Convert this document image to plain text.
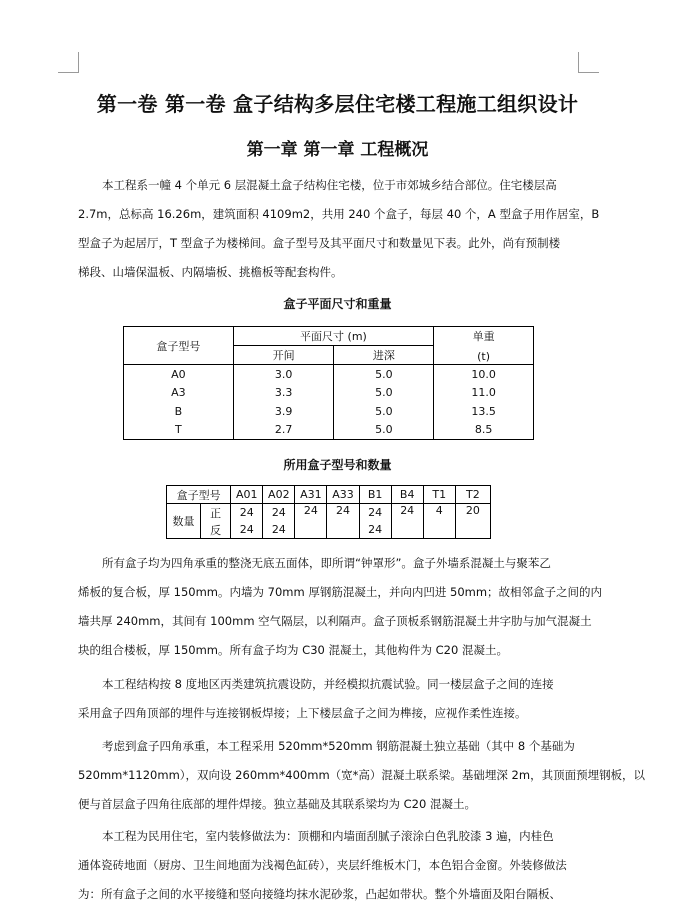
第一卷 第一卷 盒子结构多层住宅楼工程施工组织设计
第一章 第一章 工程概况

本工程系一幢 4 个单元 6 层混凝土盒子结构住宅楼，位于市郊城乡结合部位。住宅楼层高
2.7m，总标高 16.26m，建筑面积 4109m2，共用 240 个盒子，每层 40 个，A 型盒子用作居室，B
型盒子为起居厅，T 型盒子为楼梯间。盒子型号及其平面尺寸和数量见下表。此外，尚有预制楼
梯段、山墙保温板、内隔墙板、挑檐板等配套构件。

盒子平面尺寸和重量
盒子型号	平面尺寸 (m)		单重
(t)

	开间	进深	
A0	3.0	5.0	10.0
A3	3.3	5.0	11.0
B	3.9	5.0	13.5
T	2.7	5.0	8.5
所用盒子型号和数量
盒子型号		A01	A02	A31	A33	B1	B4	T1	T2
数量	正	24	24	24	24	24	24	4	20
	反	24	24			24			

所有盒子均为四角承重的整浇无底五面体，即所谓“钟罩形”。盒子外墙系混凝土与聚苯乙
烯板的复合板，厚 150mm。内墙为 70mm 厚钢筋混凝土，并向内凹进 50mm；故相邻盒子之间的内
墙共厚 240mm，其间有 100mm 空气隔层，以利隔声。盒子顶板系钢筋混凝土井字肋与加气混凝土
块的组合楼板，厚 150mm。所有盒子均为 C30 混凝土，其他构件为 C20 混凝土。

本工程结构按 8 度地区丙类建筑抗震设防，并经模拟抗震试验。同一楼层盒子之间的连接
采用盒子四角顶部的埋件与连接钢板焊接；上下楼层盒子之间为榫接，应视作柔性连接。

考虑到盒子四角承重，本工程采用 520mm*520mm 钢筋混凝土独立基础（其中 8 个基础为
520mm*1120mm），双向设 260mm*400mm（宽*高）混凝土联系梁。基础埋深 2m，其顶面预埋钢板，以
便与首层盒子四角往底部的埋件焊接。独立基础及其联系梁均为 C20 混凝土。

本工程为民用住宅，室内装修做法为：顶棚和内墙面刮腻子滚涂白色乳胶漆 3 遍，内桂色
通体瓷砖地面（厨房、卫生间地面为浅褐色缸砖），夹层纤维板木门，本色铝合金窗。外装修做法
为：所有盒子之间的水平接缝和竖向接缝均抹水泥砂浆，凸起如带状。整个外墙面及阳台隔板、
